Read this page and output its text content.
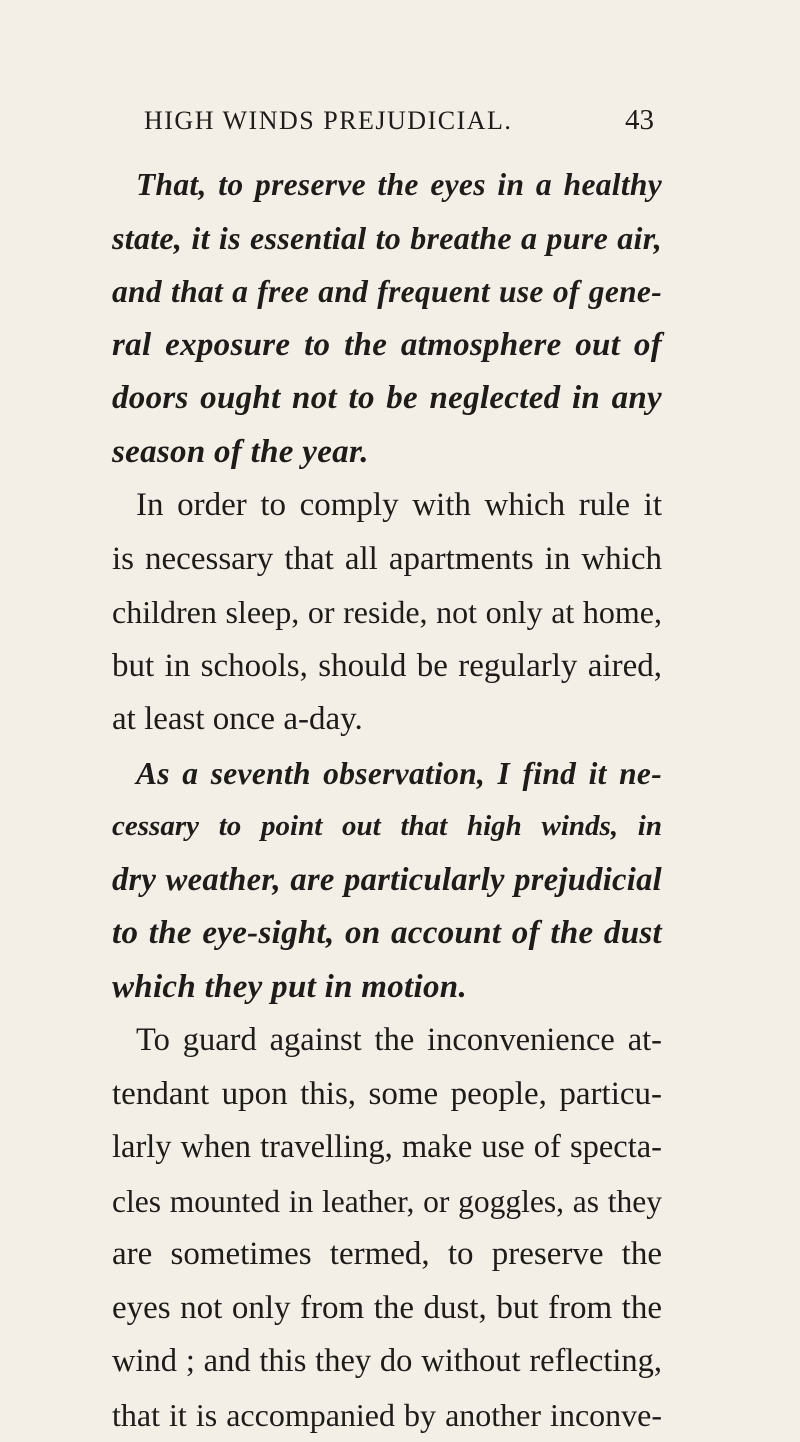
HIGH WINDS PREJUDICIAL.	43
That, to preserve the eyes in a healthy
state, it is essential to breathe a pure air,
and that a free and frequent use of gene-
ral exposure to the atmosphere out of
doors ought not to be neglected in any
season of the year.
In order to comply with which rule it
is necessary that all apartments in which
children sleep, or reside, not only at home,
but in schools, should be regularly aired,
at least once a-day.
As a seventh observation, I find it ne-
cessary to point out that high winds, in
dry weather, are particularly prejudicial
to the eye-sight, on account of the dust
which they put in motion.
To guard against the inconvenience at-
tendant upon this, some people, particu-
larly when travelling, make use of specta-
cles mounted in leather, or goggles, as they
are sometimes termed, to preserve the
eyes not only from the dust, but from the
wind ; and this they do without reflecting,
that it is accompanied by another inconve-
